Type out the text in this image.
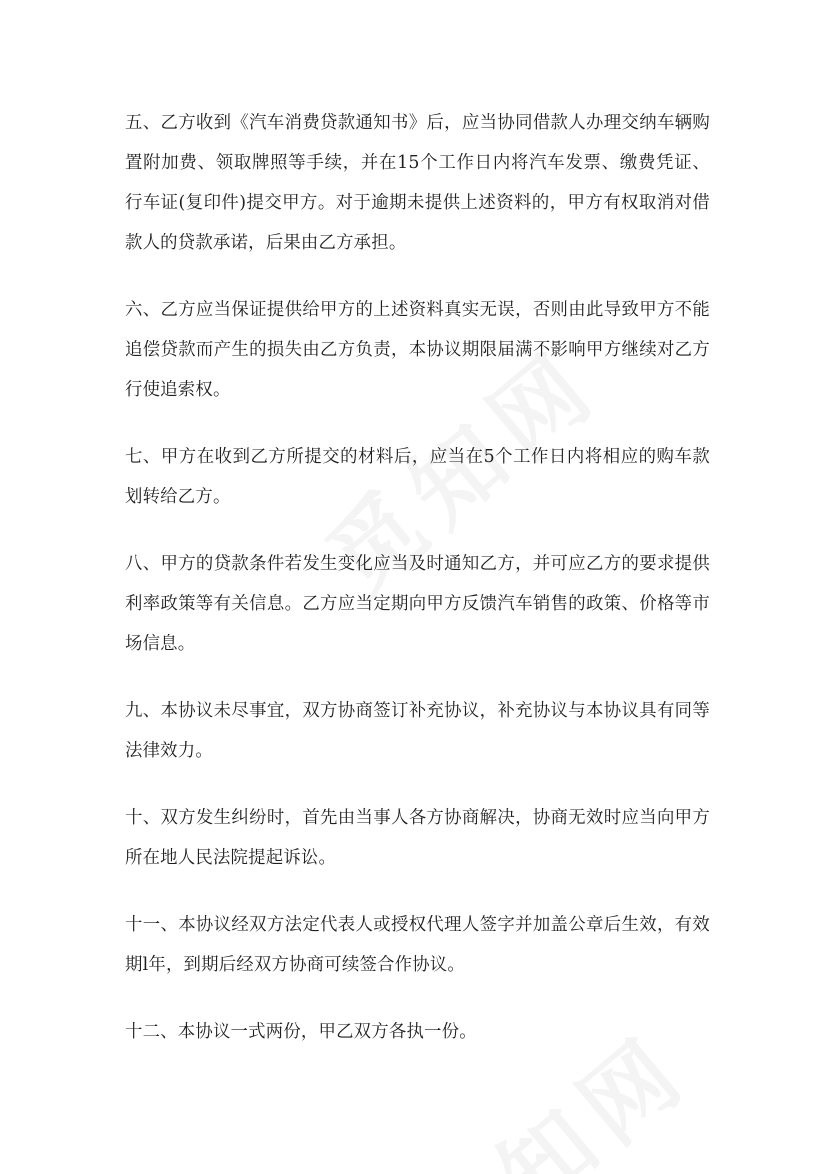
五、乙方收到《汽车消费贷款通知书》后，应当协同借款人办理交纳车辆购置附加费、领取牌照等手续，并在15个工作日内将汽车发票、缴费凭证、行车证(复印件)提交甲方。对于逾期未提供上述资料的，甲方有权取消对借款人的贷款承诺，后果由乙方承担。

六、乙方应当保证提供给甲方的上述资料真实无误，否则由此导致甲方不能追偿贷款而产生的损失由乙方负责，本协议期限届满不影响甲方继续对乙方行使追索权。

七、甲方在收到乙方所提交的材料后，应当在5个工作日内将相应的购车款划转给乙方。

八、甲方的贷款条件若发生变化应当及时通知乙方，并可应乙方的要求提供利率政策等有关信息。乙方应当定期向甲方反馈汽车销售的政策、价格等市场信息。

九、本协议未尽事宜，双方协商签订补充协议，补充协议与本协议具有同等法律效力。

十、双方发生纠纷时，首先由当事人各方协商解决，协商无效时应当向甲方所在地人民法院提起诉讼。

十一、本协议经双方法定代表人或授权代理人签字并加盖公章后生效，有效期l年，到期后经双方协商可续签合作协议。

十二、本协议一式两份，甲乙双方各执一份。
